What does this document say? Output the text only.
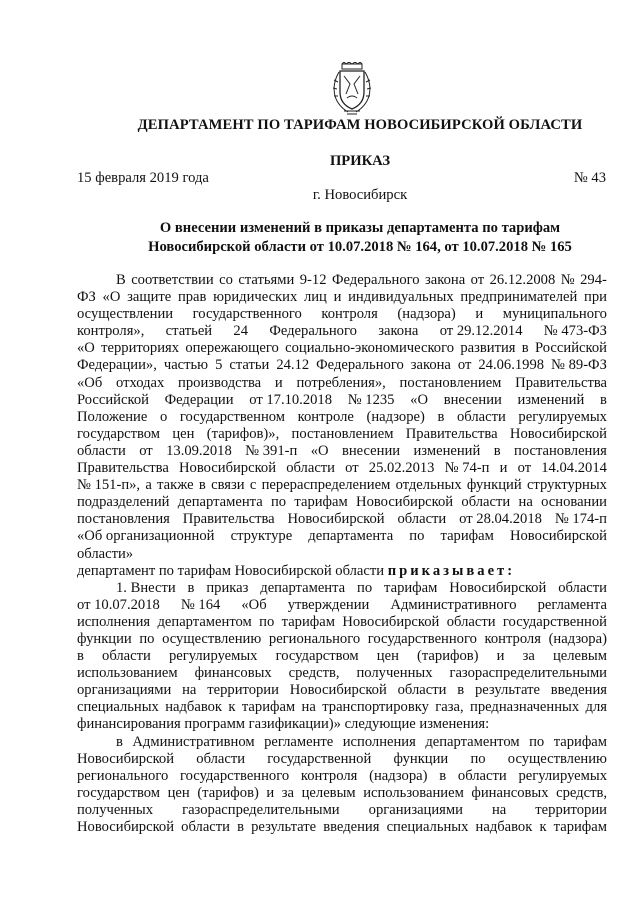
ДЕПАРТАМЕНТ ПО ТАРИФАМ НОВОСИБИРСКОЙ ОБЛАСТИ
ПРИКАЗ
15 февраля 2019 года	№ 43
г. Новосибирск
О внесении изменений в приказы департамента по тарифам
Новосибирской области от 10.07.2018 № 164, от 10.07.2018 № 165
В соответствии со статьями 9-12 Федерального закона от 26.12.2008 № 294-
ФЗ «О защите прав юридических лиц и индивидуальных предпринимателей при
осуществлении государственного контроля (надзора) и муниципального
контроля», статьей 24 Федерального закона от 29.12.2014 № 473-ФЗ
«О территориях опережающего социально-экономического развития в Российской
Федерации», частью 5 статьи 24.12 Федерального закона от 24.06.1998 № 89-ФЗ
«Об отходах производства и потребления», постановлением Правительства
Российской Федерации от 17.10.2018 № 1235 «О внесении изменений в
Положение о государственном контроле (надзоре) в области регулируемых
государством цен (тарифов)», постановлением Правительства Новосибирской
области от 13.09.2018 № 391-п «О внесении изменений в постановления
Правительства Новосибирской области от 25.02.2013 № 74-п и от 14.04.2014
№ 151-п», а также в связи с перераспределением отдельных функций структурных
подразделений департамента по тарифам Новосибирской области на основании
постановления Правительства Новосибирской области от 28.04.2018 № 174-п
«Об организационной структуре департамента по тарифам Новосибирской
области»
департамент по тарифам Новосибирской области приказывает:
1. Внести в приказ департамента по тарифам Новосибирской области
от 10.07.2018 № 164 «Об утверждении Административного регламента
исполнения департаментом по тарифам Новосибирской области государственной
функции по осуществлению регионального государственного контроля (надзора)
в области регулируемых государством цен (тарифов) и за целевым
использованием финансовых средств, полученных газораспределительными
организациями на территории Новосибирской области в результате введения
специальных надбавок к тарифам на транспортировку газа, предназначенных для
финансирования программ газификации)» следующие изменения:
в Административном регламенте исполнения департаментом по тарифам
Новосибирской области государственной функции по осуществлению
регионального государственного контроля (надзора) в области регулируемых
государством цен (тарифов) и за целевым использованием финансовых средств,
полученных газораспределительными организациями на территории
Новосибирской области в результате введения специальных надбавок к тарифам
